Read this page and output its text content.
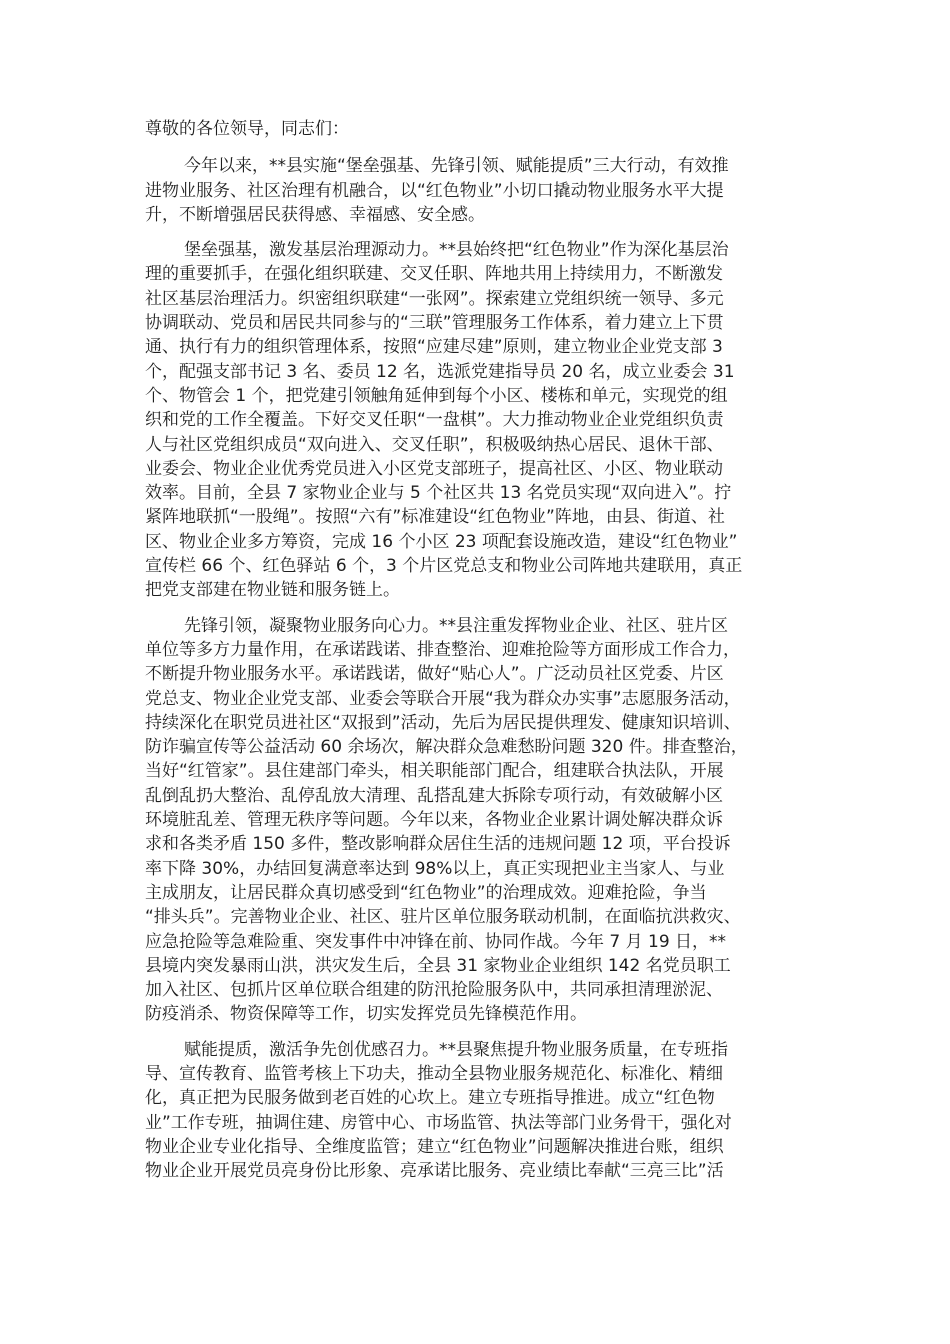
尊敬的各位领导，同志们：
今年以来，**县实施“堡垒强基、先锋引领、赋能提质”三大行动，有效推
进物业服务、社区治理有机融合，以“红色物业”小切口撬动物业服务水平大提
升，不断增强居民获得感、幸福感、安全感。
堡垒强基，激发基层治理源动力。**县始终把“红色物业”作为深化基层治
理的重要抓手，在强化组织联建、交叉任职、阵地共用上持续用力，不断激发
社区基层治理活力。织密组织联建“一张网”。探索建立党组织统一领导、多元
协调联动、党员和居民共同参与的“三联”管理服务工作体系，着力建立上下贯
通、执行有力的组织管理体系，按照“应建尽建”原则，建立物业企业党支部 3
个，配强支部书记 3 名、委员 12 名，选派党建指导员 20 名，成立业委会 31
个、物管会 1 个，把党建引领触角延伸到每个小区、楼栋和单元，实现党的组
织和党的工作全覆盖。下好交叉任职“一盘棋”。大力推动物业企业党组织负责
人与社区党组织成员“双向进入、交叉任职”，积极吸纳热心居民、退休干部、
业委会、物业企业优秀党员进入小区党支部班子，提高社区、小区、物业联动
效率。目前，全县 7 家物业企业与 5 个社区共 13 名党员实现“双向进入”。拧
紧阵地联抓“一股绳”。按照“六有”标准建设“红色物业”阵地，由县、街道、社
区、物业企业多方筹资，完成 16 个小区 23 项配套设施改造，建设“红色物业”
宣传栏 66 个、红色驿站 6 个，3 个片区党总支和物业公司阵地共建联用，真正
把党支部建在物业链和服务链上。
先锋引领，凝聚物业服务向心力。**县注重发挥物业企业、社区、驻片区
单位等多方力量作用，在承诺践诺、排查整治、迎难抢险等方面形成工作合力，
不断提升物业服务水平。承诺践诺，做好“贴心人”。广泛动员社区党委、片区
党总支、物业企业党支部、业委会等联合开展“我为群众办实事”志愿服务活动，
持续深化在职党员进社区“双报到”活动，先后为居民提供理发、健康知识培训、
防诈骗宣传等公益活动 60 余场次，解决群众急难愁盼问题 320 件。排查整治，
当好“红管家”。县住建部门牵头，相关职能部门配合，组建联合执法队，开展
乱倒乱扔大整治、乱停乱放大清理、乱搭乱建大拆除专项行动，有效破解小区
环境脏乱差、管理无秩序等问题。今年以来，各物业企业累计调处解决群众诉
求和各类矛盾 150 多件，整改影响群众居住生活的违规问题 12 项，平台投诉
率下降 30%，办结回复满意率达到 98%以上，真正实现把业主当家人、与业
主成朋友，让居民群众真切感受到“红色物业”的治理成效。迎难抢险，争当
“排头兵”。完善物业企业、社区、驻片区单位服务联动机制，在面临抗洪救灾、
应急抢险等急难险重、突发事件中冲锋在前、协同作战。今年 7 月 19 日，**
县境内突发暴雨山洪，洪灾发生后，全县 31 家物业企业组织 142 名党员职工
加入社区、包抓片区单位联合组建的防汛抢险服务队中，共同承担清理淤泥、
防疫消杀、物资保障等工作，切实发挥党员先锋模范作用。
赋能提质，激活争先创优感召力。**县聚焦提升物业服务质量，在专班指
导、宣传教育、监管考核上下功夫，推动全县物业服务规范化、标准化、精细
化，真正把为民服务做到老百姓的心坎上。建立专班指导推进。成立“红色物
业”工作专班，抽调住建、房管中心、市场监管、执法等部门业务骨干，强化对
物业企业专业化指导、全维度监管；建立“红色物业”问题解决推进台账，组织
物业企业开展党员亮身份比形象、亮承诺比服务、亮业绩比奉献“三亮三比”活
